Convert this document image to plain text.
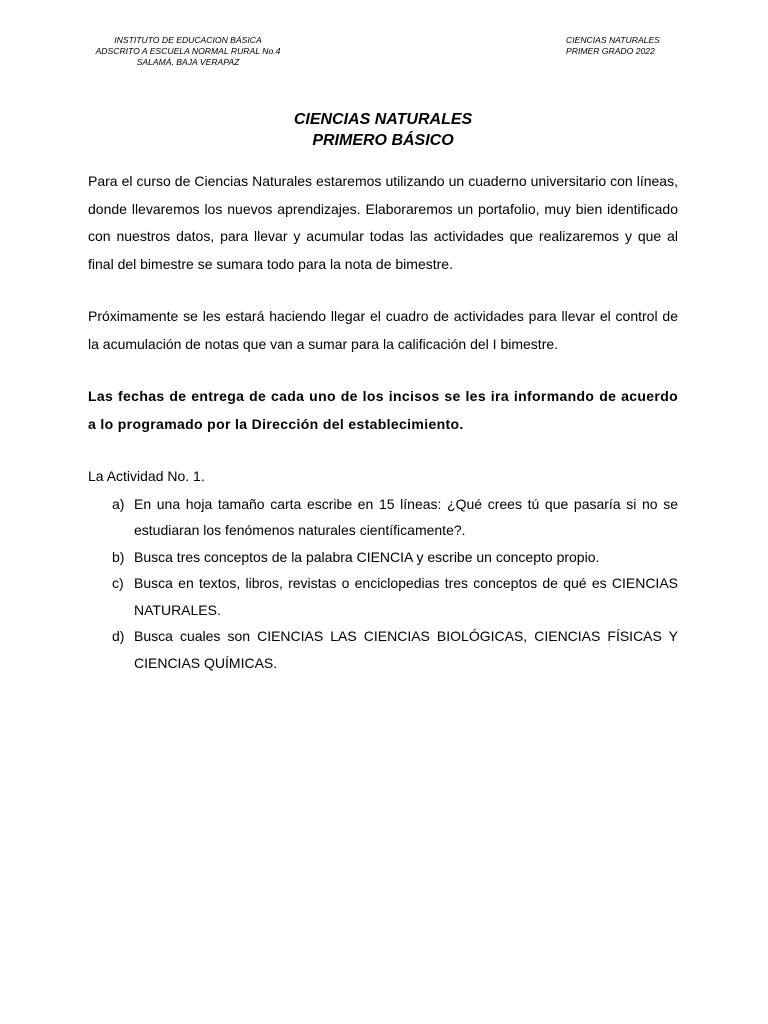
INSTITUTO DE EDUCACION BÁSICA
ADSCRITO A ESCUELA NORMAL RURAL No.4
SALAMÁ, BAJA VERAPAZ
CIENCIAS NATURALES
PRIMER GRADO 2022
CIENCIAS NATURALES
PRIMERO BÁSICO

Para el curso de Ciencias Naturales estaremos utilizando un cuaderno universitario con líneas, donde llevaremos los nuevos aprendizajes. Elaboraremos un portafolio, muy bien identificado con nuestros datos, para llevar y acumular todas las actividades que realizaremos y que al final del bimestre se sumara todo para la nota de bimestre.

Próximamente se les estará haciendo llegar el cuadro de actividades para llevar el control de la acumulación de notas que van a sumar para la calificación del I bimestre.

Las fechas de entrega de cada uno de los incisos se les ira informando de acuerdo a lo programado por la Dirección del establecimiento.

La Actividad No. 1.

a) En una hoja tamaño carta escribe en 15 líneas: ¿Qué crees tú que pasaría si no se estudiaran los fenómenos naturales científicamente?.
b) Busca tres conceptos de la palabra CIENCIA y escribe un concepto propio.
c) Busca en textos, libros, revistas o enciclopedias tres conceptos de qué es CIENCIAS NATURALES.
d) Busca cuales son CIENCIAS LAS CIENCIAS BIOLÓGICAS, CIENCIAS FÍSICAS Y CIENCIAS QUÍMICAS.
